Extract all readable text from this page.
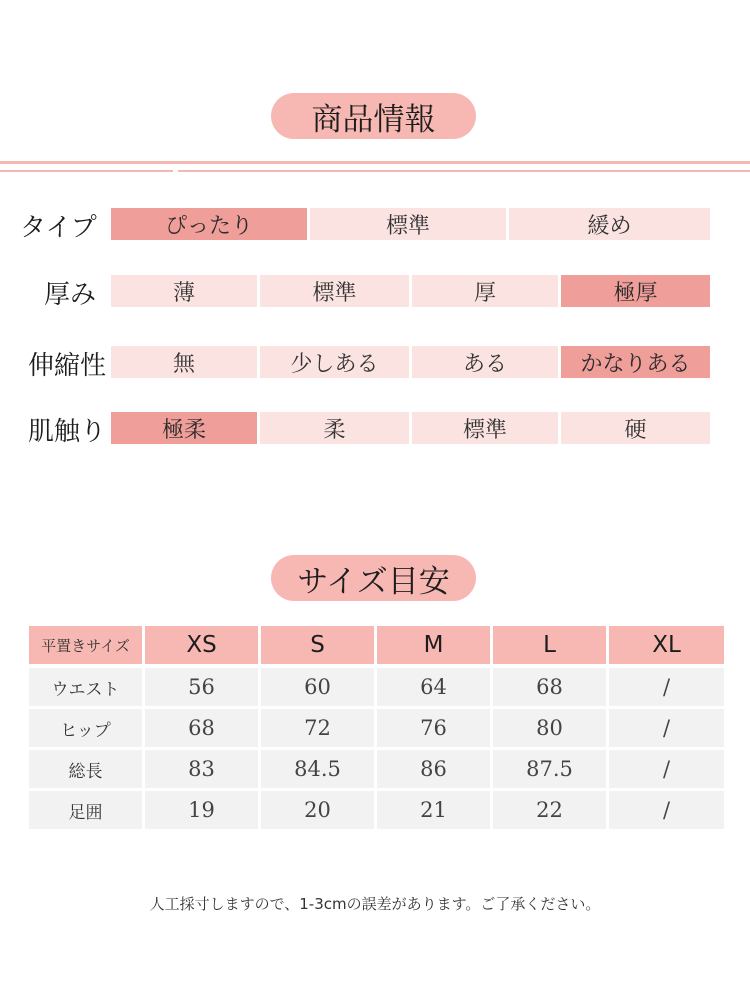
商品情報
タイプ	ぴったり	標準	緩め
厚み	薄	標準	厚	極厚
伸縮性	無	少しある	ある	かなりある
肌触り	極柔	柔	標準	硬
サイズ目安
平置きサイズ	XS	S	M	L	XL
ウエスト	56	60	64	68	/
ヒップ	68	72	76	80	/
総長	83	84.5	86	87.5	/
足囲	19	20	21	22	/
人工採寸しますので、1-3cmの誤差があります。ご了承ください。
